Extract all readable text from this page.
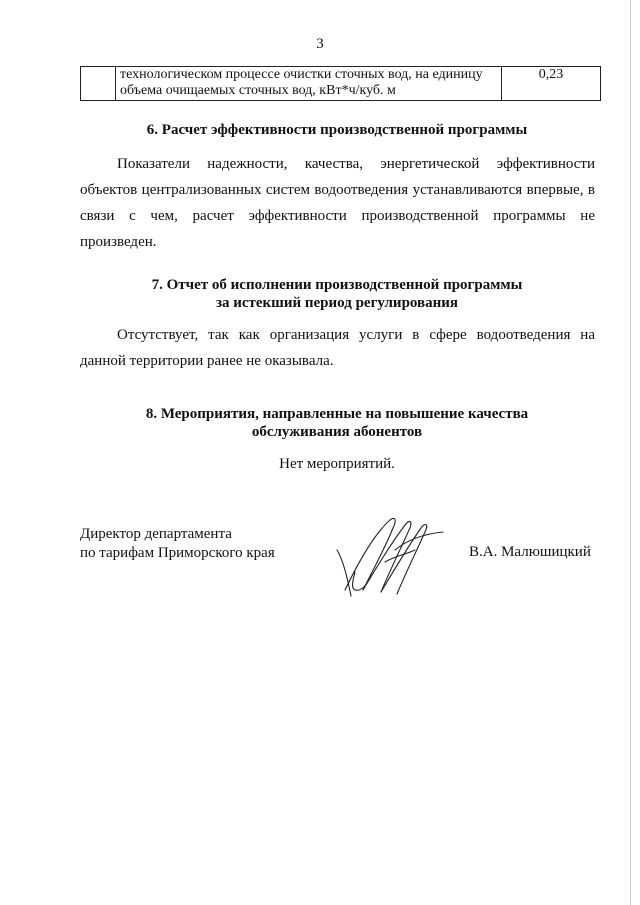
3

технологическом процессе очистки сточных вод, на единицу
объема очищаемых сточных вод, кВт*ч/куб. м
	0,23
6. Расчет эффективности производственной программы
Показатели надежности, качества, энергетической эффективности
объектов централизованных систем водоотведения устанавливаются впервые, в
связи с чем, расчет эффективности производственной программы не
произведен.
7. Отчет об исполнении производственной программы
за истекший период регулирования
Отсутствует, так как организация услуги в сфере водоотведения на
данной территории ранее не оказывала.
8. Мероприятия, направленные на повышение качества
обслуживания абонентов

Нет мероприятий.

Директор департамента
по тарифам Приморского края	В.А. Малюшицкий
